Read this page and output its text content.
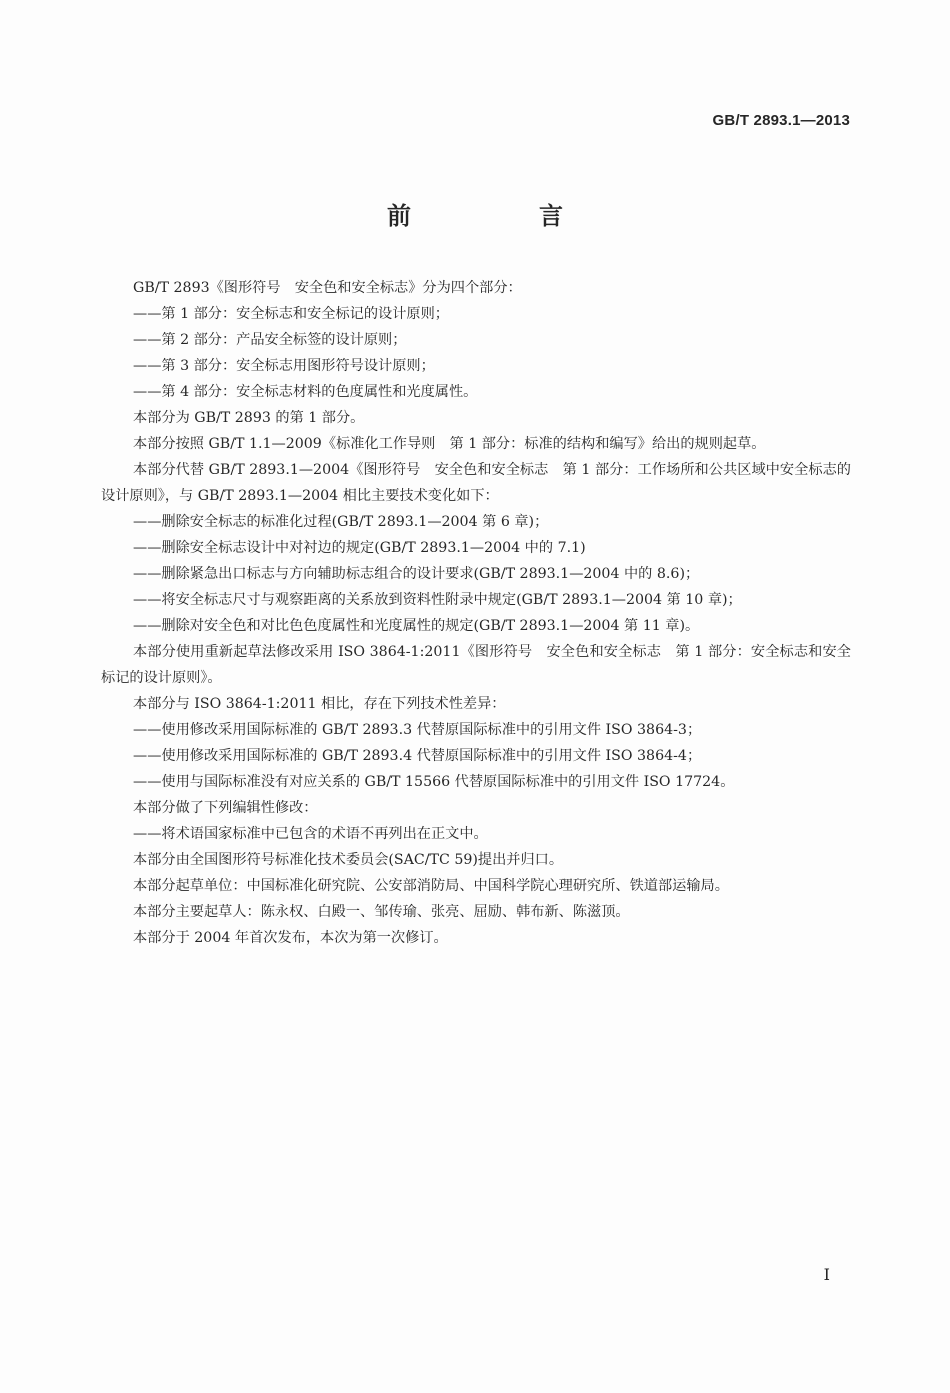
GB/T 2893.1—2013
前　言

GB/T 2893《图形符号　安全色和安全标志》分为四个部分：

——第 1 部分：安全标志和安全标记的设计原则；

——第 2 部分：产品安全标签的设计原则；

——第 3 部分：安全标志用图形符号设计原则；

——第 4 部分：安全标志材料的色度属性和光度属性。

本部分为 GB/T 2893 的第 1 部分。

本部分按照 GB/T 1.1—2009《标准化工作导则　第 1 部分：标准的结构和编写》给出的规则起草。

本部分代替 GB/T 2893.1—2004《图形符号　安全色和安全标志　第 1 部分：工作场所和公共区域中安全标志的设计原则》，与 GB/T 2893.1—2004 相比主要技术变化如下：

——删除安全标志的标准化过程(GB/T 2893.1—2004 第 6 章)；

——删除安全标志设计中对衬边的规定(GB/T 2893.1—2004 中的 7.1)

——删除紧急出口标志与方向辅助标志组合的设计要求(GB/T 2893.1—2004 中的 8.6)；

——将安全标志尺寸与观察距离的关系放到资料性附录中规定(GB/T 2893.1—2004 第 10 章)；

——删除对安全色和对比色色度属性和光度属性的规定(GB/T 2893.1—2004 第 11 章)。

本部分使用重新起草法修改采用 ISO 3864-1:2011《图形符号　安全色和安全标志　第 1 部分：安全标志和安全标记的设计原则》。

本部分与 ISO 3864-1:2011 相比，存在下列技术性差异：

——使用修改采用国际标准的 GB/T 2893.3 代替原国际标准中的引用文件 ISO 3864-3；

——使用修改采用国际标准的 GB/T 2893.4 代替原国际标准中的引用文件 ISO 3864-4；

——使用与国际标准没有对应关系的 GB/T 15566 代替原国际标准中的引用文件 ISO 17724。

本部分做了下列编辑性修改：

——将术语国家标准中已包含的术语不再列出在正文中。

本部分由全国图形符号标准化技术委员会(SAC/TC 59)提出并归口。

本部分起草单位：中国标准化研究院、公安部消防局、中国科学院心理研究所、铁道部运输局。

本部分主要起草人：陈永权、白殿一、邹传瑜、张亮、屈励、韩布新、陈滋顶。

本部分于 2004 年首次发布，本次为第一次修订。

I
